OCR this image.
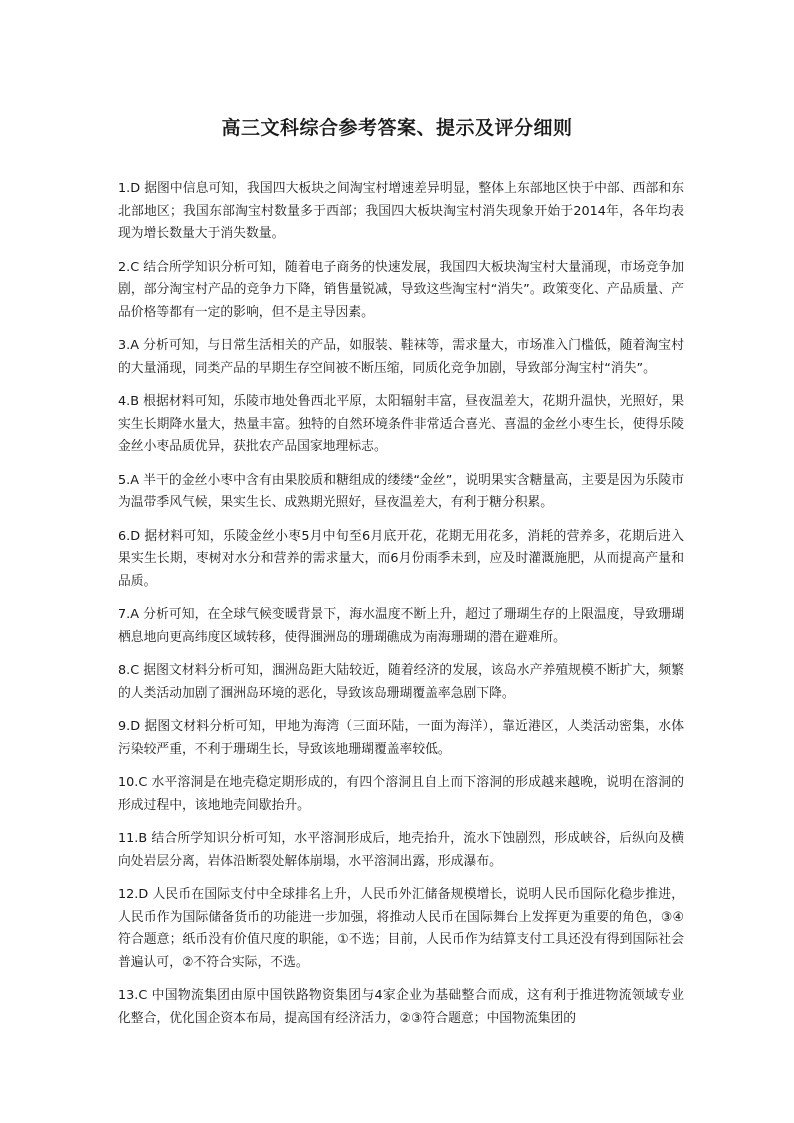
高三文科综合参考答案、提示及评分细则

1.D 据图中信息可知，我国四大板块之间淘宝村增速差异明显，整体上东部地区快于中部、西部和东北部地区；我国东部淘宝村数量多于西部；我国四大板块淘宝村消失现象开始于2014年，各年均表现为增长数量大于消失数量。

2.C 结合所学知识分析可知，随着电子商务的快速发展，我国四大板块淘宝村大量涌现，市场竞争加剧，部分淘宝村产品的竞争力下降，销售量锐减，导致这些淘宝村“消失”。政策变化、产品质量、产品价格等都有一定的影响，但不是主导因素。

3.A 分析可知，与日常生活相关的产品，如服装、鞋袜等，需求量大，市场准入门槛低，随着淘宝村的大量涌现，同类产品的早期生存空间被不断压缩，同质化竞争加剧，导致部分淘宝村“消失”。

4.B 根据材料可知，乐陵市地处鲁西北平原，太阳辐射丰富，昼夜温差大，花期升温快，光照好，果实生长期降水量大，热量丰富。独特的自然环境条件非常适合喜光、喜温的金丝小枣生长，使得乐陵金丝小枣品质优异，获批农产品国家地理标志。

5.A 半干的金丝小枣中含有由果胶质和糖组成的缕缕“金丝”，说明果实含糖量高，主要是因为乐陵市为温带季风气候，果实生长、成熟期光照好，昼夜温差大，有利于糖分积累。

6.D 据材料可知，乐陵金丝小枣5月中旬至6月底开花，花期无用花多，消耗的营养多，花期后进入果实生长期，枣树对水分和营养的需求量大，而6月份雨季未到，应及时灌溉施肥，从而提高产量和品质。

7.A 分析可知，在全球气候变暖背景下，海水温度不断上升，超过了珊瑚生存的上限温度，导致珊瑚栖息地向更高纬度区域转移，使得涠洲岛的珊瑚礁成为南海珊瑚的潜在避难所。

8.C 据图文材料分析可知，涠洲岛距大陆较近，随着经济的发展，该岛水产养殖规模不断扩大，频繁的人类活动加剧了涠洲岛环境的恶化，导致该岛珊瑚覆盖率急剧下降。

9.D 据图文材料分析可知，甲地为海湾（三面环陆，一面为海洋），靠近港区，人类活动密集，水体污染较严重，不利于珊瑚生长，导致该地珊瑚覆盖率较低。

10.C 水平溶洞是在地壳稳定期形成的，有四个溶洞且自上而下溶洞的形成越来越晚，说明在溶洞的形成过程中，该地地壳间歇抬升。

11.B 结合所学知识分析可知，水平溶洞形成后，地壳抬升，流水下蚀剧烈，形成峡谷，后纵向及横向处岩层分离，岩体沿断裂处解体崩塌，水平溶洞出露，形成瀑布。

12.D 人民币在国际支付中全球排名上升，人民币外汇储备规模增长，说明人民币国际化稳步推进，人民币作为国际储备货币的功能进一步加强，将推动人民币在国际舞台上发挥更为重要的角色，③④符合题意；纸币没有价值尺度的职能，①不选；目前，人民币作为结算支付工具还没有得到国际社会普遍认可，②不符合实际，不选。

13.C 中国物流集团由原中国铁路物资集团与4家企业为基础整合而成，这有利于推进物流领域专业化整合，优化国企资本布局，提高国有经济活力，②③符合题意；中国物流集团的
